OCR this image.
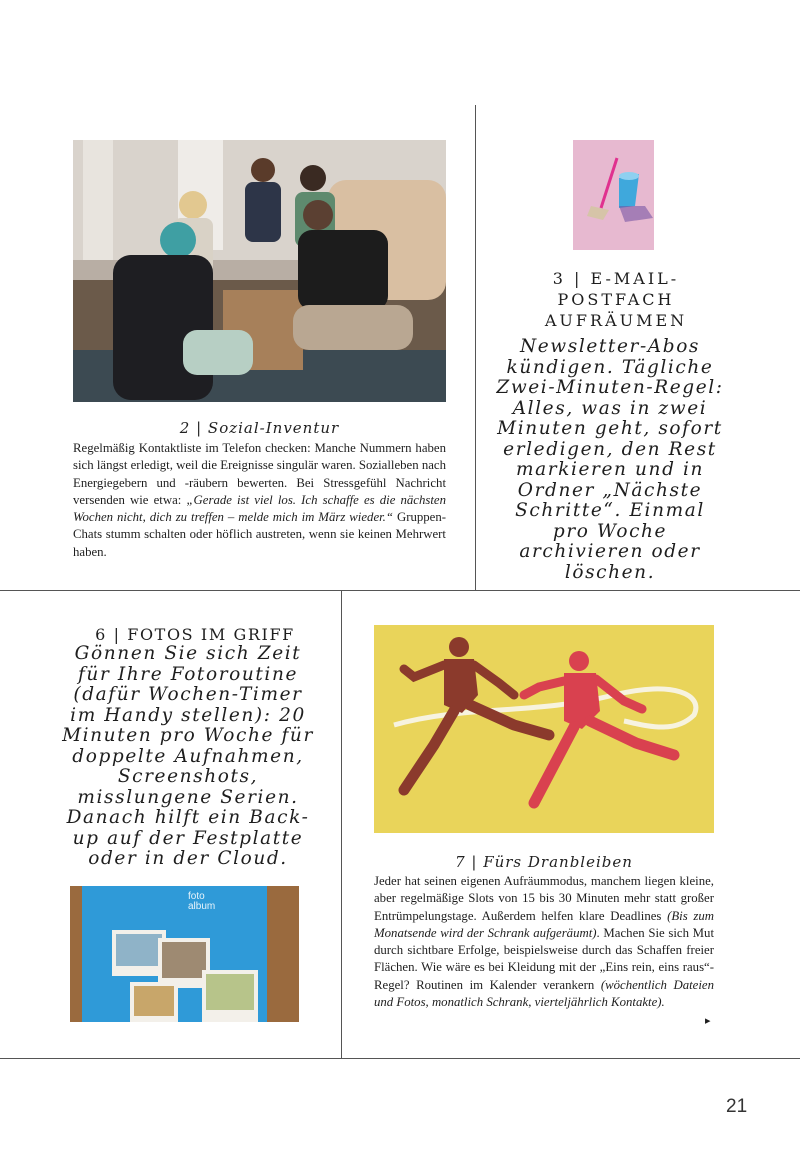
2 | Sozial-Inventur
Regelmäßig Kontaktliste im Telefon checken: Manche Nummern haben sich längst erledigt, weil die Ereignisse singulär waren. Sozialleben nach Energiegebern und -räubern bewerten. Bei Stressgefühl Nachricht versenden wie etwa: „Gerade ist viel los. Ich schaffe es die nächsten Wochen nicht, dich zu treffen – melde mich im März wieder.“ Gruppen-Chats stumm schalten oder höflich austreten, wenn sie keinen Mehrwert haben.
3 | E-MAIL-POSTFACH AUFRÄUMEN
Newsletter-Abos kündigen. Tägliche Zwei-Minuten-Regel: Alles, was in zwei Minuten geht, sofort erledigen, den Rest markieren und in Ordner „Nächste Schritte“. Einmal pro Woche archivieren oder löschen.
6 | FOTOS IM GRIFF
Gönnen Sie sich Zeit für Ihre Fotoroutine (dafür Wochen-Timer im Handy stellen): 20 Minuten pro Woche für doppelte Aufnahmen, Screenshots, misslungene Serien. Danach hilft ein Back-up auf der Festplatte oder in der Cloud.
foto album
7 | Fürs Dranbleiben
Jeder hat seinen eigenen Aufräummodus, manchem liegen kleine, aber regelmäßige Slots von 15 bis 30 Minuten mehr statt großer Entrümpelungstage. Außerdem helfen klare Deadlines (Bis zum Monatsende wird der Schrank aufgeräumt). Machen Sie sich Mut durch sichtbare Erfolge, beispielsweise durch das Schaffen freier Flächen. Wie wäre es bei Kleidung mit der „Eins rein, eins raus“-Regel? Routinen im Kalender verankern (wöchentlich Dateien und Fotos, monatlich Schrank, vierteljährlich Kontakte).
▸
21
